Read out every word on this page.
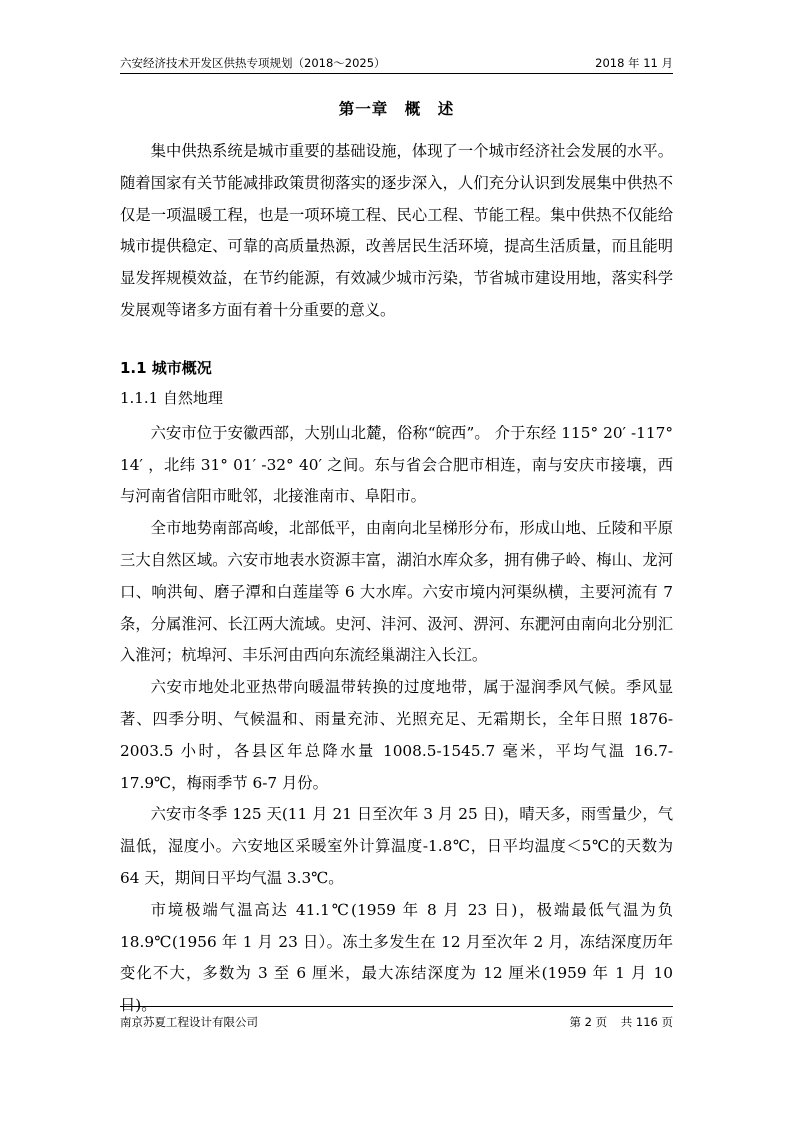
六安经济技术开发区供热专项规划（2018～2025）	2018 年 11 月
第一章　概　述

集中供热系统是城市重要的基础设施，体现了一个城市经济社会发展的水平。随着国家有关节能减排政策贯彻落实的逐步深入，人们充分认识到发展集中供热不仅是一项温暖工程，也是一项环境工程、民心工程、节能工程。集中供热不仅能给城市提供稳定、可靠的高质量热源，改善居民生活环境，提高生活质量，而且能明显发挥规模效益，在节约能源，有效减少城市污染，节省城市建设用地，落实科学发展观等诸多方面有着十分重要的意义。

1.1 城市概况
1.1.1 自然地理

六安市位于安徽西部，大别山北麓，俗称“皖西”。 介于东经 115° 20′ -117° 14′ ，北纬 31° 01′ -32° 40′ 之间。东与省会合肥市相连，南与安庆市接壤，西与河南省信阳市毗邻，北接淮南市、阜阳市。

全市地势南部高峻，北部低平，由南向北呈梯形分布，形成山地、丘陵和平原三大自然区域。六安市地表水资源丰富，湖泊水库众多，拥有佛子岭、梅山、龙河口、响洪甸、磨子潭和白莲崖等 6 大水库。六安市境内河渠纵横，主要河流有 7 条，分属淮河、长江两大流域。史河、沣河、汲河、淠河、东淝河由南向北分别汇入淮河；杭埠河、丰乐河由西向东流经巢湖注入长江。

六安市地处北亚热带向暖温带转换的过度地带，属于湿润季风气候。季风显著、四季分明、气候温和、雨量充沛、光照充足、无霜期长，全年日照 1876-2003.5 小时，各县区年总降水量 1008.5-1545.7 毫米，平均气温 16.7-17.9℃，梅雨季节 6-7 月份。

六安市冬季 125 天(11 月 21 日至次年 3 月 25 日)，晴天多，雨雪量少，气温低，湿度小。六安地区采暖室外计算温度-1.8℃，日平均温度＜5℃的天数为 64 天，期间日平均气温 3.3℃。

市境极端气温高达 41.1℃(1959 年 8 月 23 日)，极端最低气温为负 18.9℃(1956 年 1 月 23 日）。冻土多发生在 12 月至次年 2 月，冻结深度历年变化不大，多数为 3 至 6 厘米，最大冻结深度为 12 厘米(1959 年 1 月 10 日)。

南京苏夏工程设计有限公司	第 2 页 共 116 页
